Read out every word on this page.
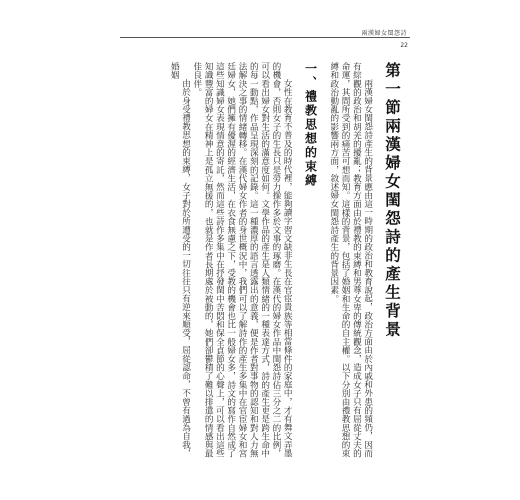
兩漢婦女閨怨詩
22
第一節兩漢婦女閨怨詩的產生背景

兩漢婦女閨怨詩產生的背景應由這一時期的政治和教育說起，政治方面由於內戚和外患的頻仍，因而有綜觀的政治和胡羌的擾亂；教育方面由於禮教的束縛和男尊女卑的傳統觀念，造成女子只有屈從丈夫的命運，其間所受到的痛苦可想而知。這樣的背景，包括了婚姻和生命的自主權。以下分別由禮教思想的束縛和政治動亂的影響兩方面，敘述婦女閨怨詩產生的背景因素。

一、禮教思想的束縛

女性在教育不普及的時代裡，能夠讀字習文缺非生長在官宦貴族等相當條件的家庭中，才有舞文弄墨的機會，否則女子的生長只是勞力操作多於文事的琢磨。在漢代的婦女作品中閨怨詩佔三分之二的比例，可以看出婦女對生活的滿意度如何。文學作品的產生是人類情緒的一種表達方式，詩的產生更是跨生命中的每一動點，作品呈現深刻的記錄。這一種濃厚的語言透露出的意義，便是作者對事物的認知和對人力無法解決之事的情緒轉移。在漢代婦女作者的身世概況中，我們可以了解詩作的產生多集中在官宦婦女和宮廷婦女，她們擁有優渥的經濟生活，在衣食無慮之下，受教的機會也比一般婦女多，詩文的寫作自然成了這些知識婦女表現情意的寄託，然而這些詩作多集中在抒發閨中苦悶和保全貞節的心聲上，可以看出這些知識豐富的婦女在精神上是孤立無援的，也就是作者長期處於被動的，她們卻鬱積了難以排遣的情感與最佳良伴。

由於身受禮教思想的束縛，女子對於所遭受的一切往往只有逆來順受，屈從認命，不曾有過為自我，婚姻
